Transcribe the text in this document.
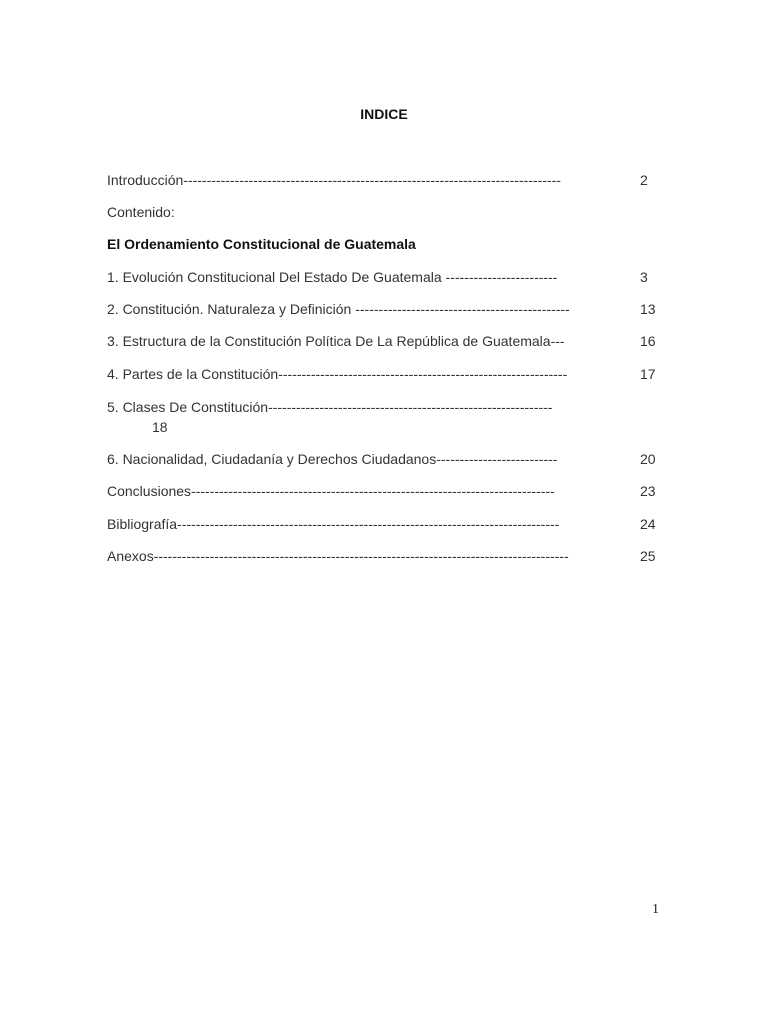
INDICE
Introducción---------------------------------------------------------------------------------	2
Contenido:
El Ordenamiento Constitucional de Guatemala
1. Evolución Constitucional Del Estado De Guatemala ------------------------	3
2. Constitución. Naturaleza y Definición ----------------------------------------------	13
3. Estructura de la Constitución Política De La República de Guatemala---	16
4. Partes de la Constitución--------------------------------------------------------------	17
5. Clases De Constitución-------------------------------------------------------------
18
6. Nacionalidad, Ciudadanía y Derechos Ciudadanos--------------------------	20
Conclusiones------------------------------------------------------------------------------	23
Bibliografía----------------------------------------------------------------------------------	24
Anexos-----------------------------------------------------------------------------------------	25
1
